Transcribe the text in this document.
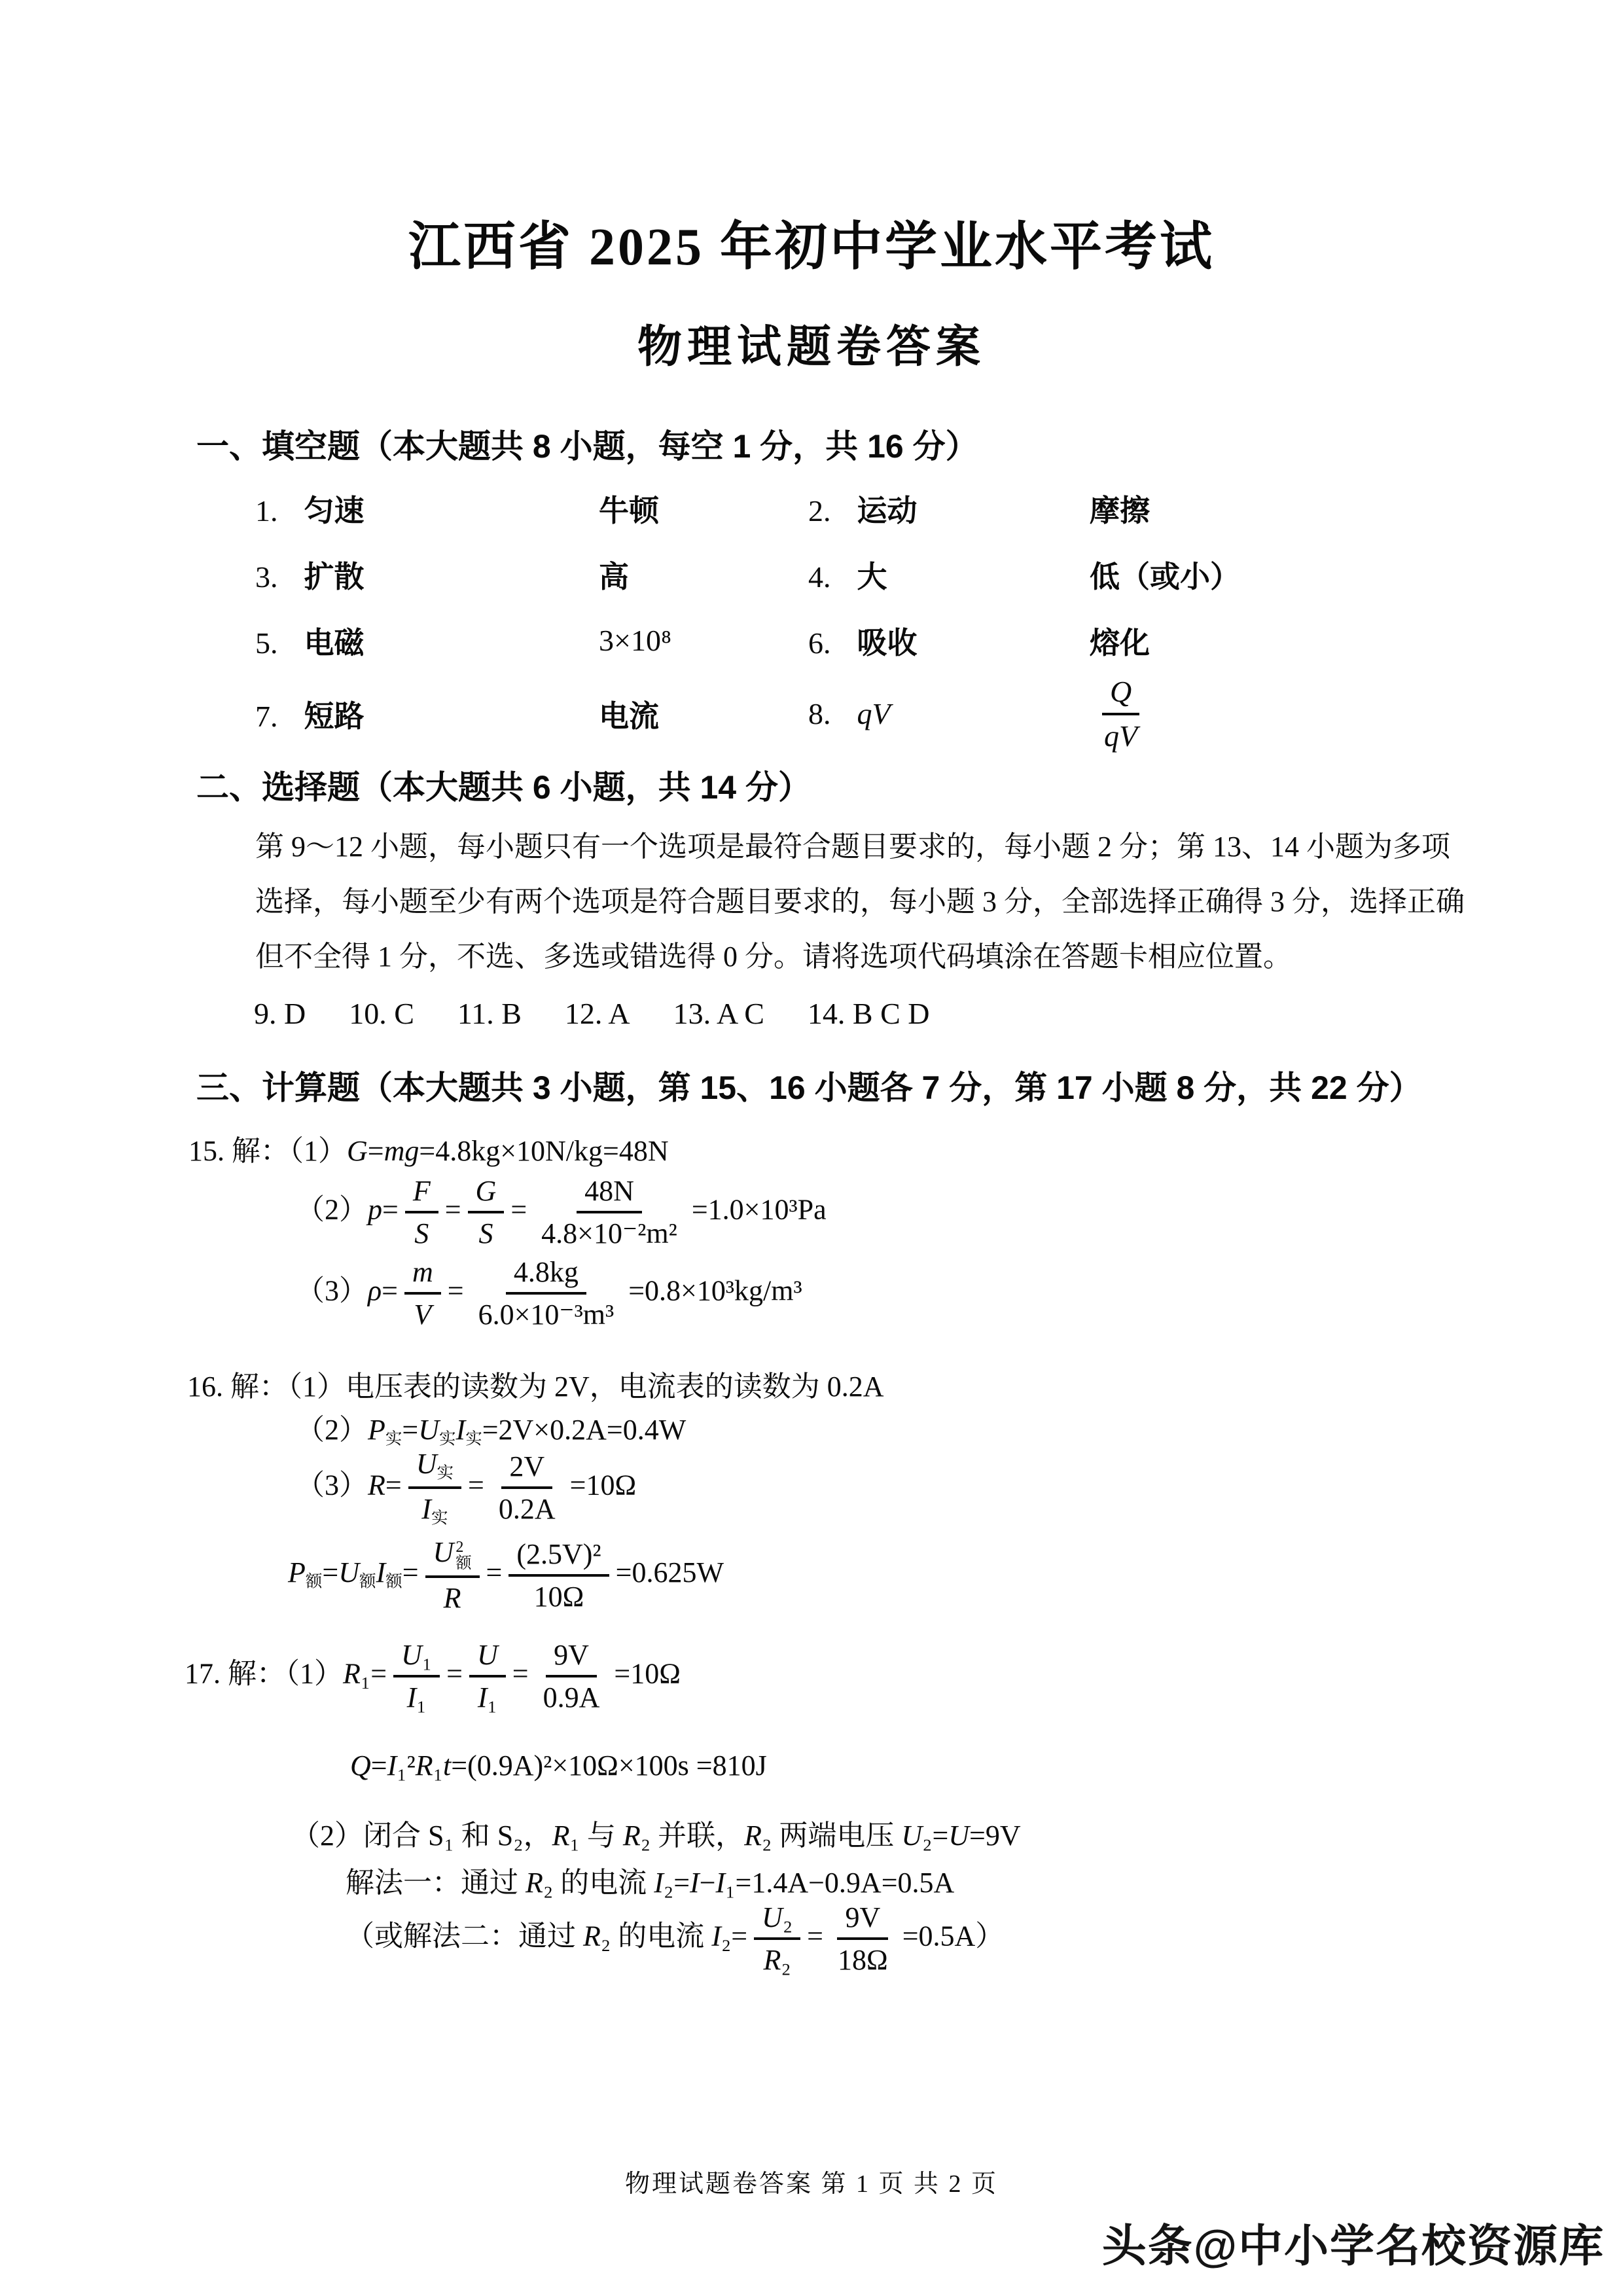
江西省 2025 年初中学业水平考试
物理试题卷答案
一、填空题（本大题共 8 小题，每空 1 分，共 16 分）
1. 匀速	牛顿	2. 运动	摩擦
3. 扩散	高	4. 大	低（或小）
5. 电磁	3×10⁸	6. 吸收	熔化
7. 短路	电流	8. qV	$\frac{Q}{qV}$
二、选择题（本大题共 6 小题，共 14 分）
第 9～12 小题，每小题只有一个选项是最符合题目要求的，每小题 2 分；第 13、14 小题为多项
选择，每小题至少有两个选项是符合题目要求的，每小题 3 分，全部选择正确得 3 分，选择正确
但不全得 1 分，不选、多选或错选得 0 分。请将选项代码填涂在答题卡相应位置。
9. D 10. C 11. B 12. A 13. A C 14. B C D
三、计算题（本大题共 3 小题，第 15、16 小题各 7 分，第 17 小题 8 分，共 22 分）
15. 解：（1）G=mg=4.8kg×10N/kg=48N
$(2)p= \frac{F}{S} = \frac{G}{S} = \frac{48N}{\text{4.8×10⁻²m²}} =1.0\times 10^3Pa$
$(3)\rho= \frac{m}{V} = \frac{4.8kg}{\text{6.0×10⁻³m³}} =0.8\times 10^3kg/m^3$
16. 解：（1）电压表的读数为 2V，电流表的读数为 0.2A
（2）P实=U实I实=2V×0.2A=0.4W
$(3)R= \frac{\text{U实}}{\text{I实}} = \frac{2V}{0.2A} =10\Omega$
P额=U额I额= U 2
额
$R = \frac{\text{(2.5V)²}}{10\Omega} =0.625W$
17. 解：$(1)R_1= \frac{\text{U₁}}{\text{I₁}} = \frac{U}{\text{I₁}} = \frac{9V}{0.9A} =10\Omega$
Q=I₁²R₁t=(0.9A)²×10Ω×100s =810J
（2）闭合 S₁ 和 S₂，R₁ 与 R₂ 并联，R₂ 两端电压 U₂=U=9V
解法一：通过 R₂ 的电流 I₂=I−I₁=1.4A−0.9A=0.5A
（或解法二：通过 R₂ 的电流 $I_2= \frac{\text{U₂}}{\text{R₂}} = \frac{9V}{18\Omega} =0.5A$）
物理试题卷答案 第 1 页 共 2 页
头条@中小学名校资源库
